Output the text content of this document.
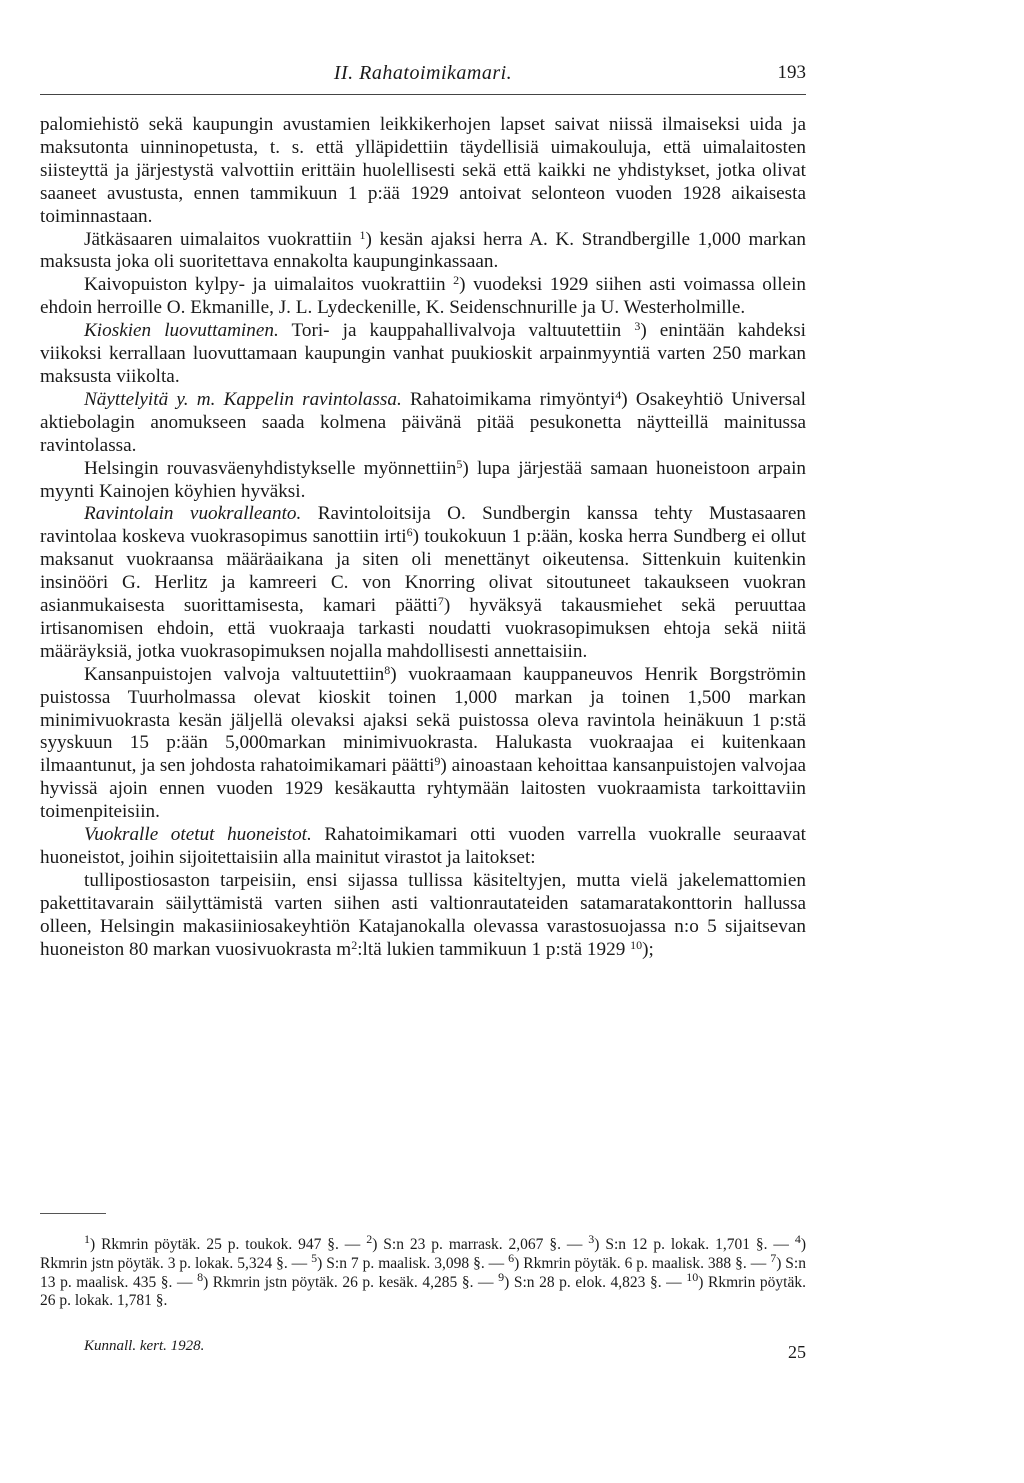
II. Rahatoimikamari.	193

palomiehistö sekä kaupungin avustamien leikkikerhojen lapset saivat niissä ilmaiseksi uida ja maksutonta uinninopetusta, t. s. että ylläpidettiin täydellisiä uimakouluja, että uimalaitosten siisteyttä ja järjestystä valvottiin erittäin huolellisesti sekä että kaikki ne yhdistykset, jotka olivat saaneet avustusta, ennen tammikuun 1 p:ää 1929 antoivat selonteon vuoden 1928 aikaisesta toiminnastaan.

Jätkäsaaren uimalaitos vuokrattiin $^1$) kesän ajaksi herra A. K. Strandbergille 1,000 markan maksusta joka oli suoritettava ennakolta kaupunginkassaan.

Kaivopuiston kylpy- ja uimalaitos vuokrattiin $^2$) vuodeksi 1929 siihen asti voimassa ollein ehdoin herroille O. Ekmanille, J. L. Lydeckenille, K. Seidenschnurille ja U. Westerholmille.

Kioskien luovuttaminen. Tori- ja kauppahallivalvoja valtuutettiin $^3$) enintään kahdeksi viikoksi kerrallaan luovuttamaan kaupungin vanhat puukioskit arpainmyyntiä varten 250 markan maksusta viikolta.

Näyttelyitä y. m. Kappelin ravintolassa. Rahatoimikama rimyöntyi$^4$) Osakeyhtiö Universal aktiebolagin anomukseen saada kolmena päivänä pitää pesukonetta näytteillä mainitussa ravintolassa.

Helsingin rouvasväenyhdistykselle myönnettiin$^5$) lupa järjestää samaan huoneistoon arpain myynti Kainojen köyhien hyväksi.

Ravintolain vuokralleanto. Ravintoloitsija O. Sundbergin kanssa tehty Mustasaaren ravintolaa koskeva vuokrasopimus sanottiin irti$^6$) toukokuun 1 p:ään, koska herra Sundberg ei ollut maksanut vuokraansa määräaikana ja siten oli menettänyt oikeutensa. Sittenkuin kuitenkin insinööri G. Herlitz ja kamreeri C. von Knorring olivat sitoutuneet takaukseen vuokran asianmukaisesta suorittamisesta, kamari päätti$^7$) hyväksyä takausmiehet sekä peruuttaa irtisanomisen ehdoin, että vuokraaja tarkasti noudatti vuokrasopimuksen ehtoja sekä niitä määräyksiä, jotka vuokrasopimuksen nojalla mahdollisesti annettaisiin.

Kansanpuistojen valvoja valtuutettiin$^8$) vuokraamaan kauppaneuvos Henrik Borgströmin puistossa Tuurholmassa olevat kioskit toinen 1,000 markan ja toinen 1,500 markan minimivuokrasta kesän jäljellä olevaksi ajaksi sekä puistossa oleva ravintola heinäkuun 1 p:stä syyskuun 15 p:ään 5,000markan minimivuokrasta. Halukasta vuokraajaa ei kuitenkaan ilmaantunut, ja sen johdosta rahatoimikamari päätti$^9$) ainoastaan kehoittaa kansanpuistojen valvojaa hyvissä ajoin ennen vuoden 1929 kesäkautta ryhtymään laitosten vuokraamista tarkoittaviin toimenpiteisiin.

Vuokralle otetut huoneistot. Rahatoimikamari otti vuoden varrella vuokralle seuraavat huoneistot, joihin sijoitettaisiin alla mainitut virastot ja laitokset:

tullipostiosaston tarpeisiin, ensi sijassa tullissa käsiteltyjen, mutta vielä jakelemattomien pakettitavarain säilyttämistä varten siihen asti valtionrautateiden satamaratakonttorin hallussa olleen, Helsingin makasiiniosakeyhtiön Katajanokalla olevassa varastosuojassa n:o 5 sijaitsevan huoneiston 80 markan vuosivuokrasta $m^2:ltä$ lukien tammikuun 1 p:stä 1929 $^{10}$);

$^1$) Rkmrin pöytäk. 25 p. toukok. 947 §. — $^2$) S:n 23 p. marrask. 2,067 §. — $^3$) S:n 12 p. lokak. 1,701 §. — $^4$) Rkmrin jstn pöytäk. 3 p. lokak. 5,324 §. — $^5$) S:n 7 p. maalisk. 3,098 §. — $^6$) Rkmrin pöytäk. 6 p. maalisk. 388 §. — $^7$) S:n 13 p. maalisk. 435 §. — $^8$) Rkmrin jstn pöytäk. 26 p. kesäk. 4,285 §. — $^9$) S:n 28 p. elok. 4,823 §. — $^{10}$) Rkmrin pöytäk. 26 p. lokak. 1,781 §.

Kunnall. kert. 1928.	25
